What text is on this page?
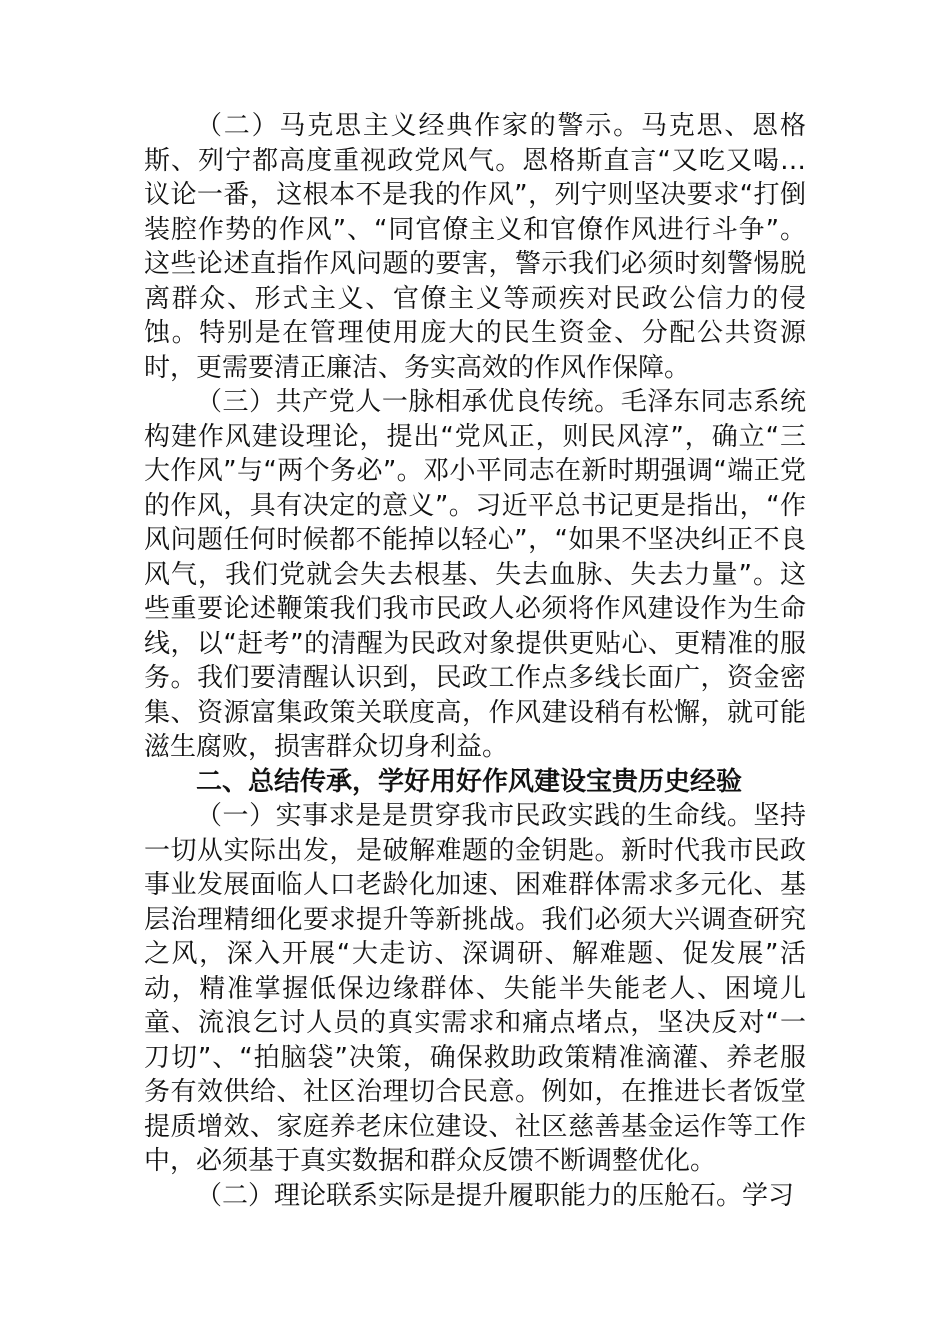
（二）马克思主义经典作家的警示。马克思、恩格斯、列宁都高度重视政党风气。恩格斯直言“又吃又喝…议论一番，这根本不是我的作风”，列宁则坚决要求“打倒装腔作势的作风”、“同官僚主义和官僚作风进行斗争”。这些论述直指作风问题的要害，警示我们必须时刻警惕脱离群众、形式主义、官僚主义等顽疾对民政公信力的侵蚀。特别是在管理使用庞大的民生资金、分配公共资源时，更需要清正廉洁、务实高效的作风作保障。

（三）共产党人一脉相承优良传统。毛泽东同志系统构建作风建设理论，提出“党风正，则民风淳”，确立“三大作风”与“两个务必”。邓小平同志在新时期强调“端正党的作风，具有决定的意义”。习近平总书记更是指出，“作风问题任何时候都不能掉以轻心”，“如果不坚决纠正不良风气，我们党就会失去根基、失去血脉、失去力量”。这些重要论述鞭策我们我市民政人必须将作风建设作为生命线，以“赶考”的清醒为民政对象提供更贴心、更精准的服务。我们要清醒认识到，民政工作点多线长面广，资金密集、资源富集政策关联度高，作风建设稍有松懈，就可能滋生腐败，损害群众切身利益。

二、总结传承，学好用好作风建设宝贵历史经验

（一）实事求是是贯穿我市民政实践的生命线。坚持一切从实际出发，是破解难题的金钥匙。新时代我市民政事业发展面临人口老龄化加速、困难群体需求多元化、基层治理精细化要求提升等新挑战。我们必须大兴调查研究之风，深入开展“大走访、深调研、解难题、促发展”活动，精准掌握低保边缘群体、失能半失能老人、困境儿童、流浪乞讨人员的真实需求和痛点堵点，坚决反对“一刀切”、“拍脑袋”决策，确保救助政策精准滴灌、养老服务有效供给、社区治理切合民意。例如，在推进长者饭堂提质增效、家庭养老床位建设、社区慈善基金运作等工作中，必须基于真实数据和群众反馈不断调整优化。

（二）理论联系实际是提升履职能力的压舱石。学习
